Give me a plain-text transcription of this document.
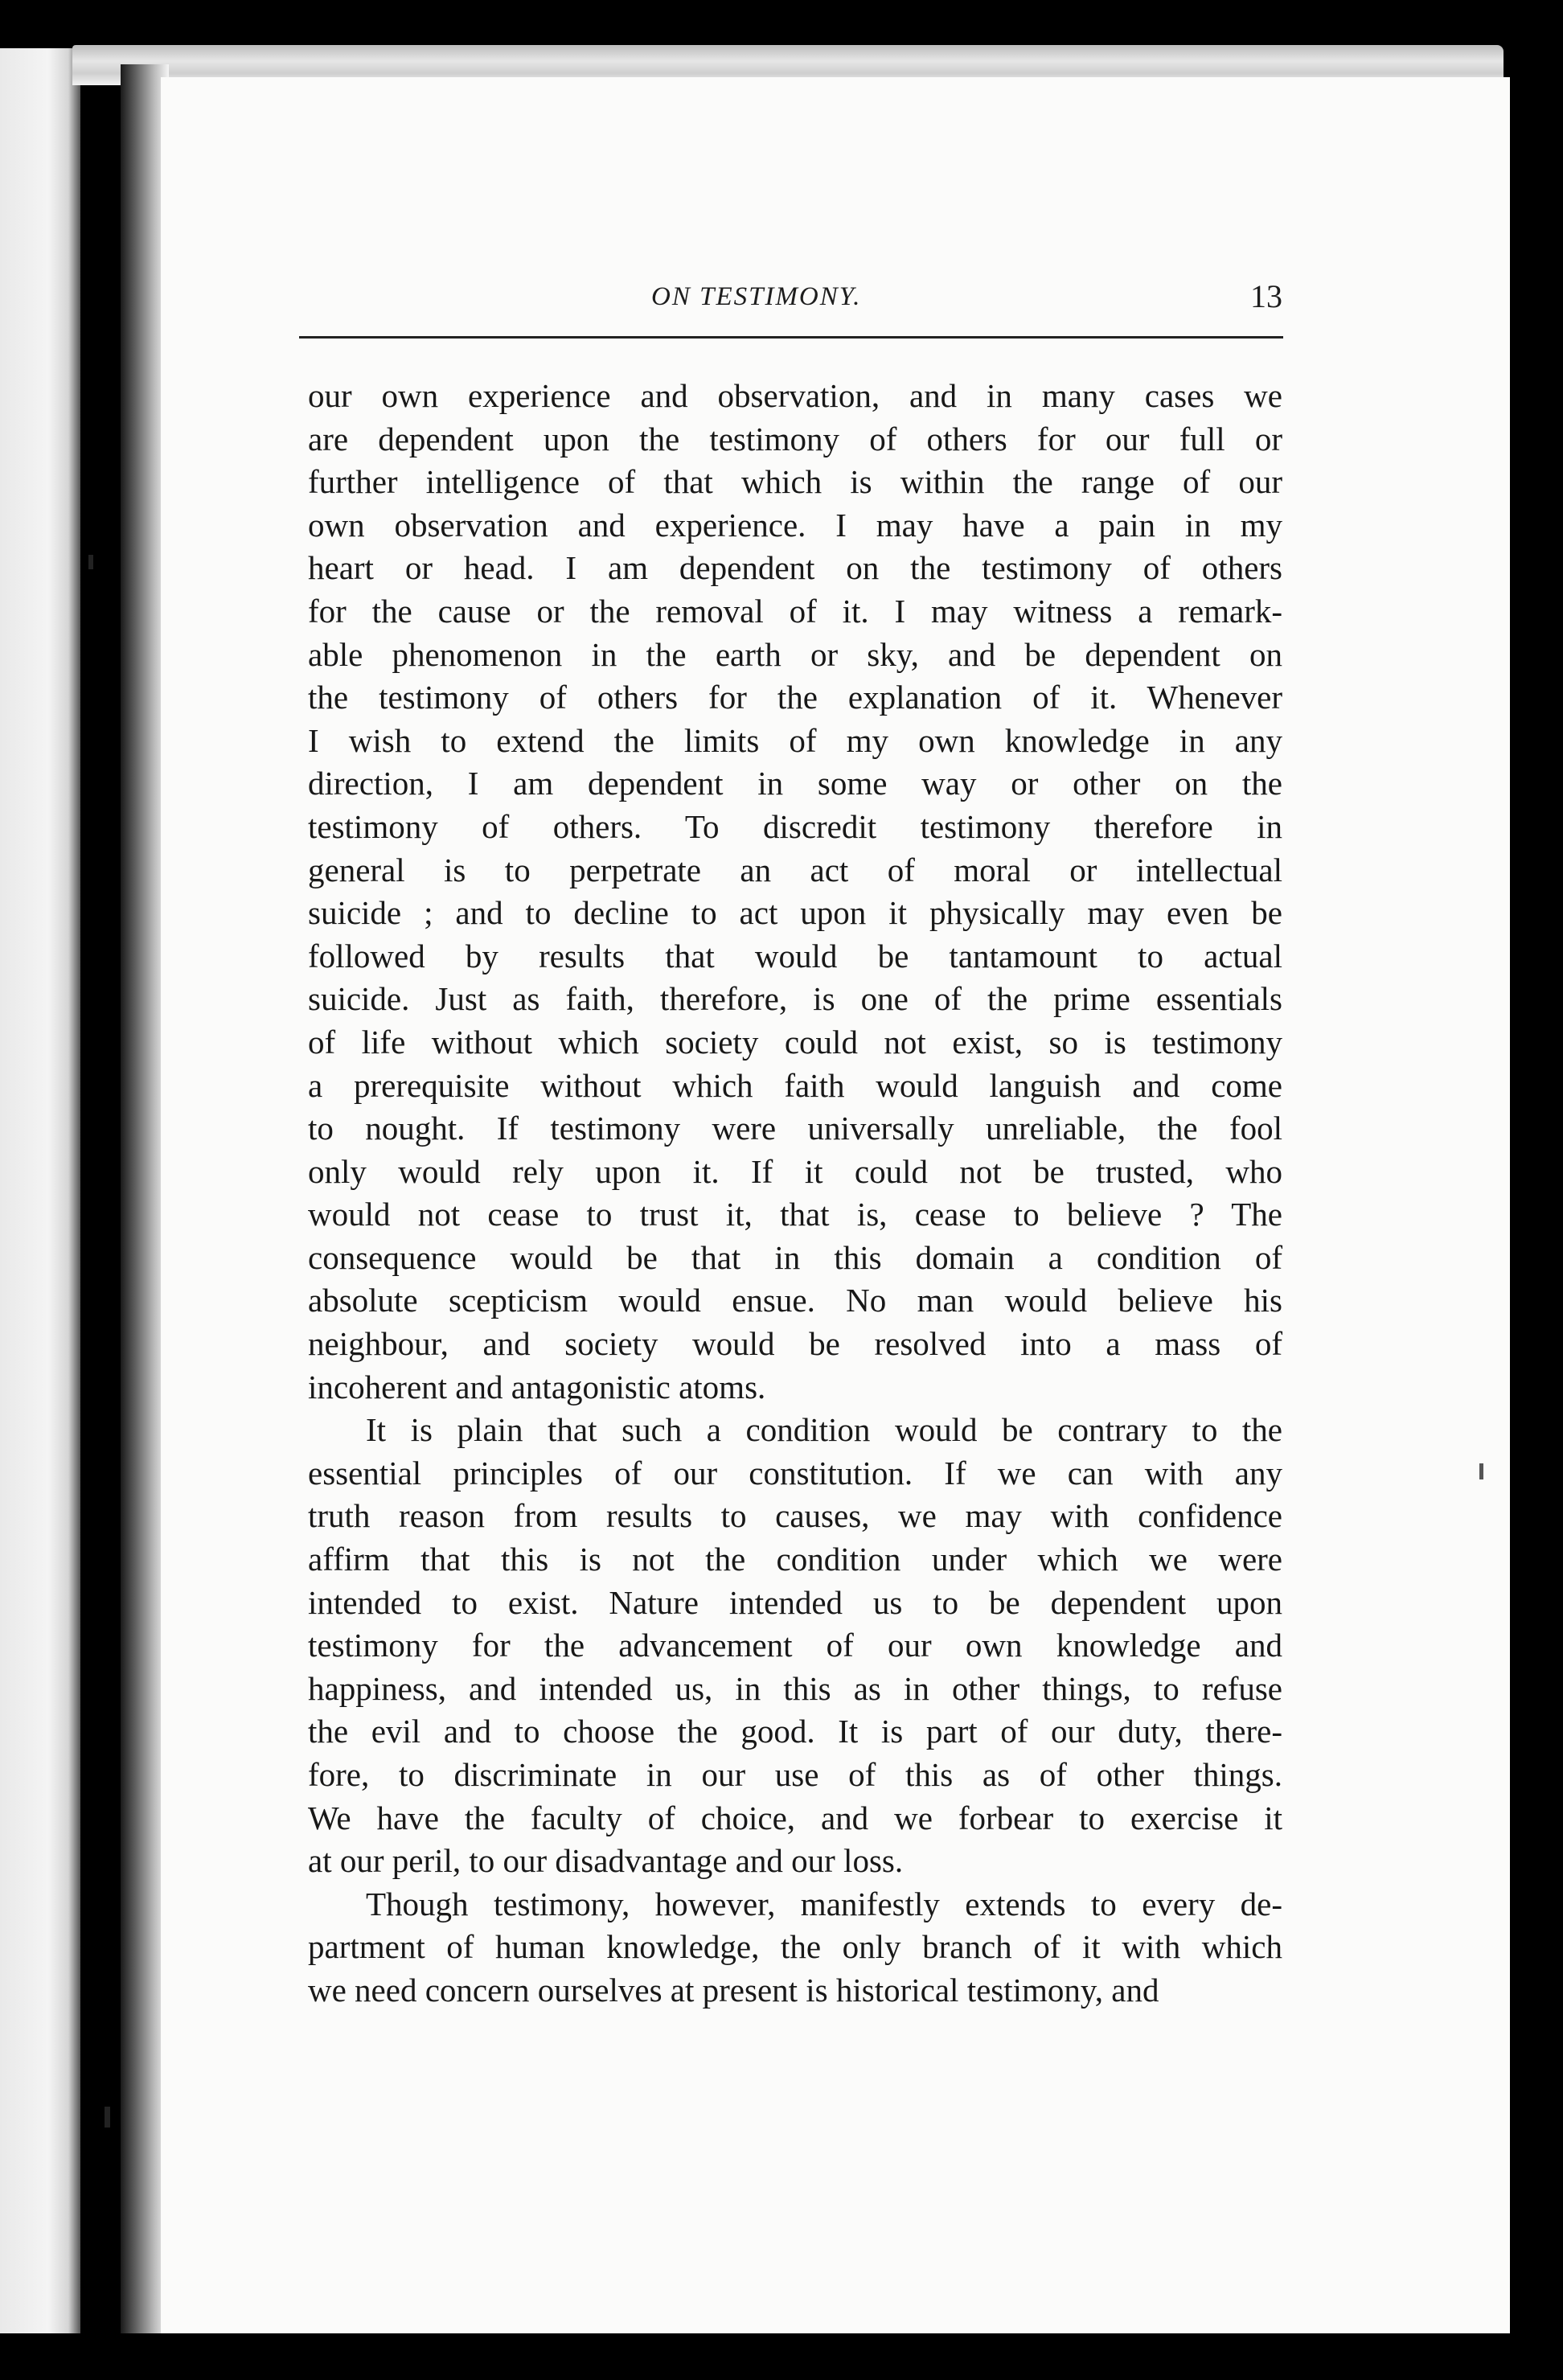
ON TESTIMONY.	13
our own experience and observation, and in many cases we
are dependent upon the testimony of others for our full or
further intelligence of that which is within the range of our
own observation and experience. I may have a pain in my
heart or head. I am dependent on the testimony of others
for the cause or the removal of it. I may witness a remark-
able phenomenon in the earth or sky, and be dependent on
the testimony of others for the explanation of it. Whenever
I wish to extend the limits of my own knowledge in any
direction, I am dependent in some way or other on the
testimony of others. To discredit testimony therefore in
general is to perpetrate an act of moral or intellectual
suicide ; and to decline to act upon it physically may even be
followed by results that would be tantamount to actual
suicide. Just as faith, therefore, is one of the prime essentials
of life without which society could not exist, so is testimony
a prerequisite without which faith would languish and come
to nought. If testimony were universally unreliable, the fool
only would rely upon it. If it could not be trusted, who
would not cease to trust it, that is, cease to believe ? The
consequence would be that in this domain a condition of
absolute scepticism would ensue. No man would believe his
neighbour, and society would be resolved into a mass of
incoherent and antagonistic atoms.
It is plain that such a condition would be contrary to the
essential principles of our constitution. If we can with any
truth reason from results to causes, we may with confidence
affirm that this is not the condition under which we were
intended to exist. Nature intended us to be dependent upon
testimony for the advancement of our own knowledge and
happiness, and intended us, in this as in other things, to refuse
the evil and to choose the good. It is part of our duty, there-
fore, to discriminate in our use of this as of other things.
We have the faculty of choice, and we forbear to exercise it
at our peril, to our disadvantage and our loss.
Though testimony, however, manifestly extends to every de-
partment of human knowledge, the only branch of it with which
we need concern ourselves at present is historical testimony, and
